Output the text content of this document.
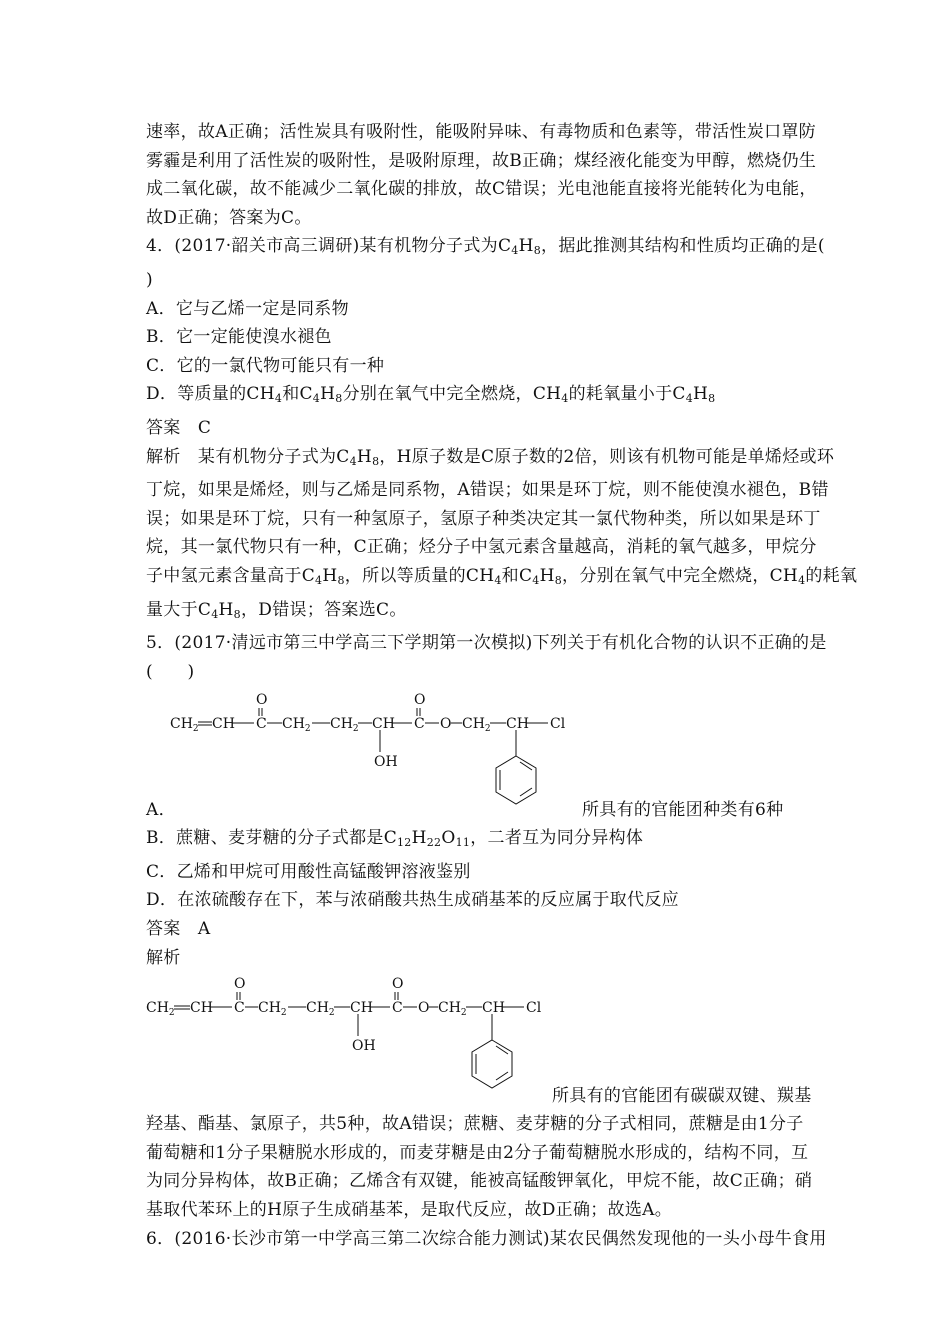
速率，故A正确；活性炭具有吸附性，能吸附异味、有毒物质和色素等，带活性炭口罩防
雾霾是利用了活性炭的吸附性，是吸附原理，故B正确；煤经液化能变为甲醇，燃烧仍生
成二氧化碳，故不能减少二氧化碳的排放，故C错误；光电池能直接将光能转化为电能，
故D正确；答案为C。
4．(2017·韶关市高三调研)某有机物分子式为$C_4H_8$，据此推测其结构和性质均正确的是(
)
A．它与乙烯一定是同系物
B．它一定能使溴水褪色
C．它的一氯代物可能只有一种
D．等质量的$CH_4$和$C_4H_8$分别在氧气中完全燃烧，$CH_4$的耗氧量小于$C_4H_8$
答案　C
解析　某有机物分子式为$C_4H_8$，H原子数是C原子数的2倍，则该有机物可能是单烯烃或环
丁烷，如果是烯烃，则与乙烯是同系物，A错误；如果是环丁烷，则不能使溴水褪色，B错
误；如果是环丁烷，只有一种氢原子，氢原子种类决定其一氯代物种类，所以如果是环丁
烷，其一氯代物只有一种，C正确；烃分子中氢元素含量越高，消耗的氧气越多，甲烷分
子中氢元素含量高于$C_4H_8$，所以等质量的$CH_4$和$C_4H_8$，分别在氧气中完全燃烧，$CH_4$的耗氧
量大于$C_4H_8$，D错误；答案选C。
5．(2017·清远市第三中学高三下学期第一次模拟)下列关于有机化合物的认识不正确的是
(　　)
$CH_2$ CH C $CH_2$ $CH_2$ CH C
O	O
O $CH_2$ CH Cl
OH
A．	所具有的官能团种类有6种
B．蔗糖、麦芽糖的分子式都是$C_{12}H_{22}O_{11}$，二者互为同分异构体
C．乙烯和甲烷可用酸性高锰酸钾溶液鉴别
D．在浓硫酸存在下，苯与浓硝酸共热生成硝基苯的反应属于取代反应
答案　A
解析
$CH_2$ CH C $CH_2$ $CH_2$ CH C
O	O
O $CH_2$ CH Cl
OH
所具有的官能团有碳碳双键、羰基
羟基、酯基、氯原子，共5种，故A错误；蔗糖、麦芽糖的分子式相同，蔗糖是由1分子
葡萄糖和1分子果糖脱水形成的，而麦芽糖是由2分子葡萄糖脱水形成的，结构不同，互
为同分异构体，故B正确；乙烯含有双键，能被高锰酸钾氧化，甲烷不能，故C正确；硝
基取代苯环上的H原子生成硝基苯，是取代反应，故D正确；故选A。
6．(2016·长沙市第一中学高三第二次综合能力测试)某农民偶然发现他的一头小母牛食用
